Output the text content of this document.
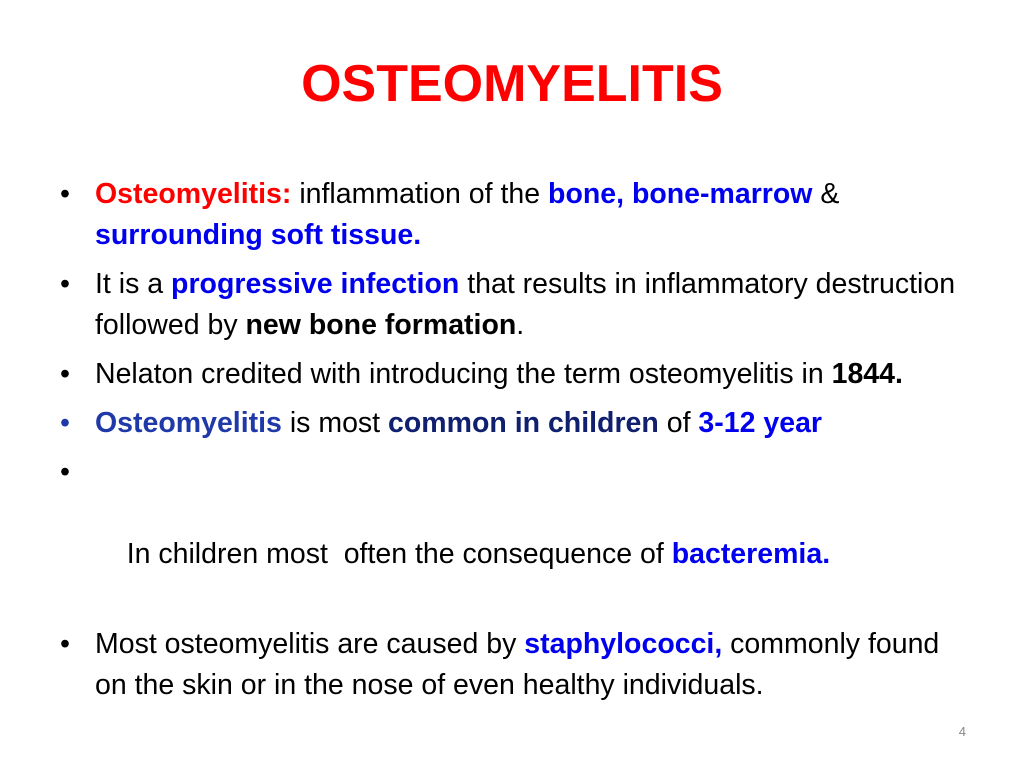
OSTEOMYELITIS
• Osteomyelitis: inflammation of the bone, bone-marrow & surrounding soft tissue.
• It is a progressive infection that results in inflammatory destruction followed by new bone formation.
• Nelaton credited with introducing the term osteomyelitis in 1844.
• Osteomyelitis is most common in children of 3-12 year

•

In children most  often the consequence of bacteremia.

• Most osteomyelitis are caused by staphylococci, commonly found on the skin or in the nose of even healthy individuals.
4
